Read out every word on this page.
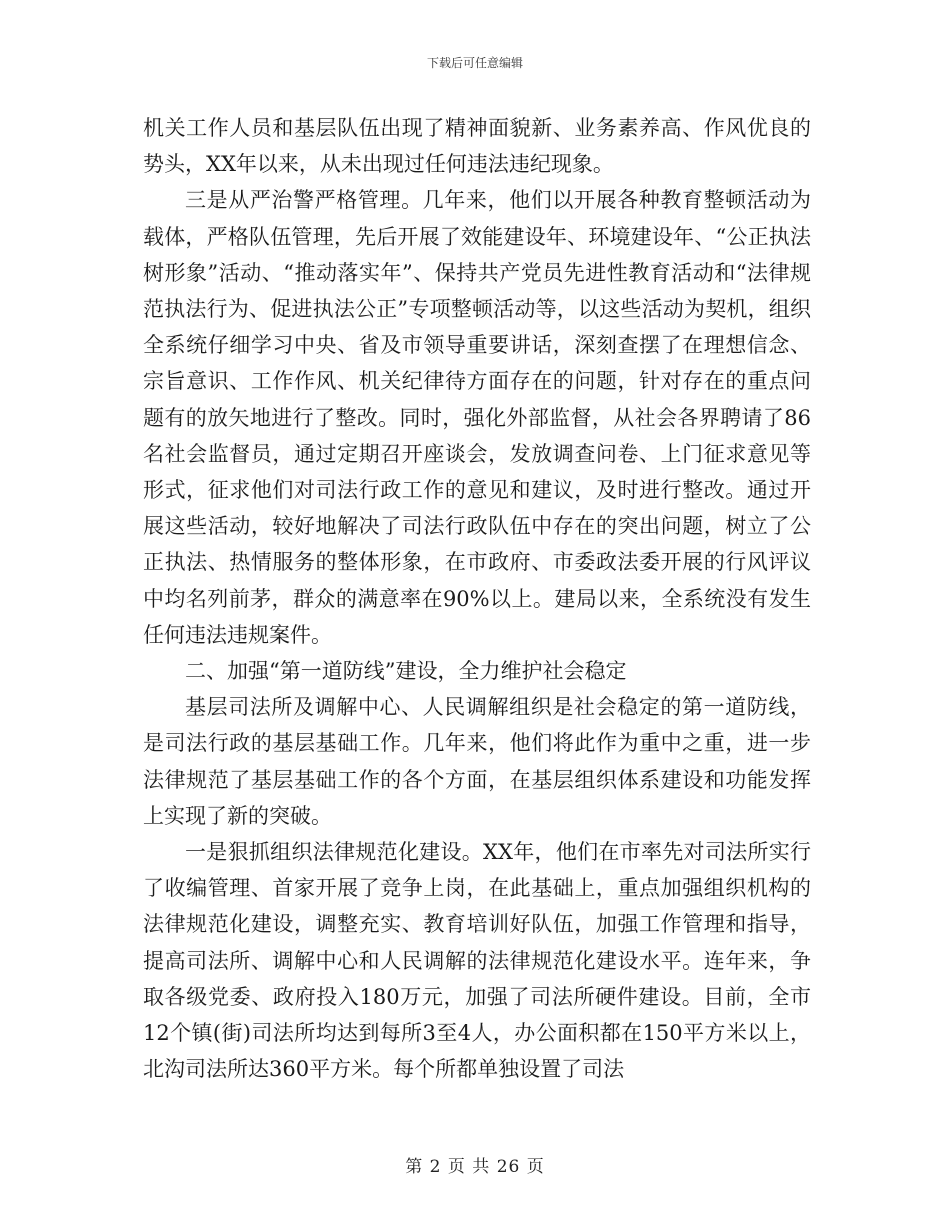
下载后可任意编辑

机关工作人员和基层队伍出现了精神面貌新、业务素养高、作风优良的势头，XX年以来，从未出现过任何违法违纪现象。

三是从严治警严格管理。几年来，他们以开展各种教育整顿活动为载体，严格队伍管理，先后开展了效能建设年、环境建设年、“公正执法树形象”活动、“推动落实年”、保持共产党员先进性教育活动和“法律规范执法行为、促进执法公正”专项整顿活动等，以这些活动为契机，组织全系统仔细学习中央、省及市领导重要讲话，深刻查摆了在理想信念、宗旨意识、工作作风、机关纪律待方面存在的问题，针对存在的重点问题有的放矢地进行了整改。同时，强化外部监督，从社会各界聘请了86名社会监督员，通过定期召开座谈会，发放调查问卷、上门征求意见等形式，征求他们对司法行政工作的意见和建议，及时进行整改。通过开展这些活动，较好地解决了司法行政队伍中存在的突出问题，树立了公正执法、热情服务的整体形象，在市政府、市委政法委开展的行风评议中均名列前茅，群众的满意率在90%以上。建局以来，全系统没有发生任何违法违规案件。

二、加强“第一道防线”建设，全力维护社会稳定

基层司法所及调解中心、人民调解组织是社会稳定的第一道防线，是司法行政的基层基础工作。几年来，他们将此作为重中之重，进一步法律规范了基层基础工作的各个方面，在基层组织体系建设和功能发挥上实现了新的突破。

一是狠抓组织法律规范化建设。XX年，他们在市率先对司法所实行了收编管理、首家开展了竞争上岗，在此基础上，重点加强组织机构的法律规范化建设，调整充实、教育培训好队伍，加强工作管理和指导，提高司法所、调解中心和人民调解的法律规范化建设水平。连年来，争取各级党委、政府投入180万元，加强了司法所硬件建设。目前，全市12个镇(街)司法所均达到每所3至4人，办公面积都在150平方米以上，北沟司法所达360平方米。每个所都单独设置了司法

第 2 页 共 26 页
